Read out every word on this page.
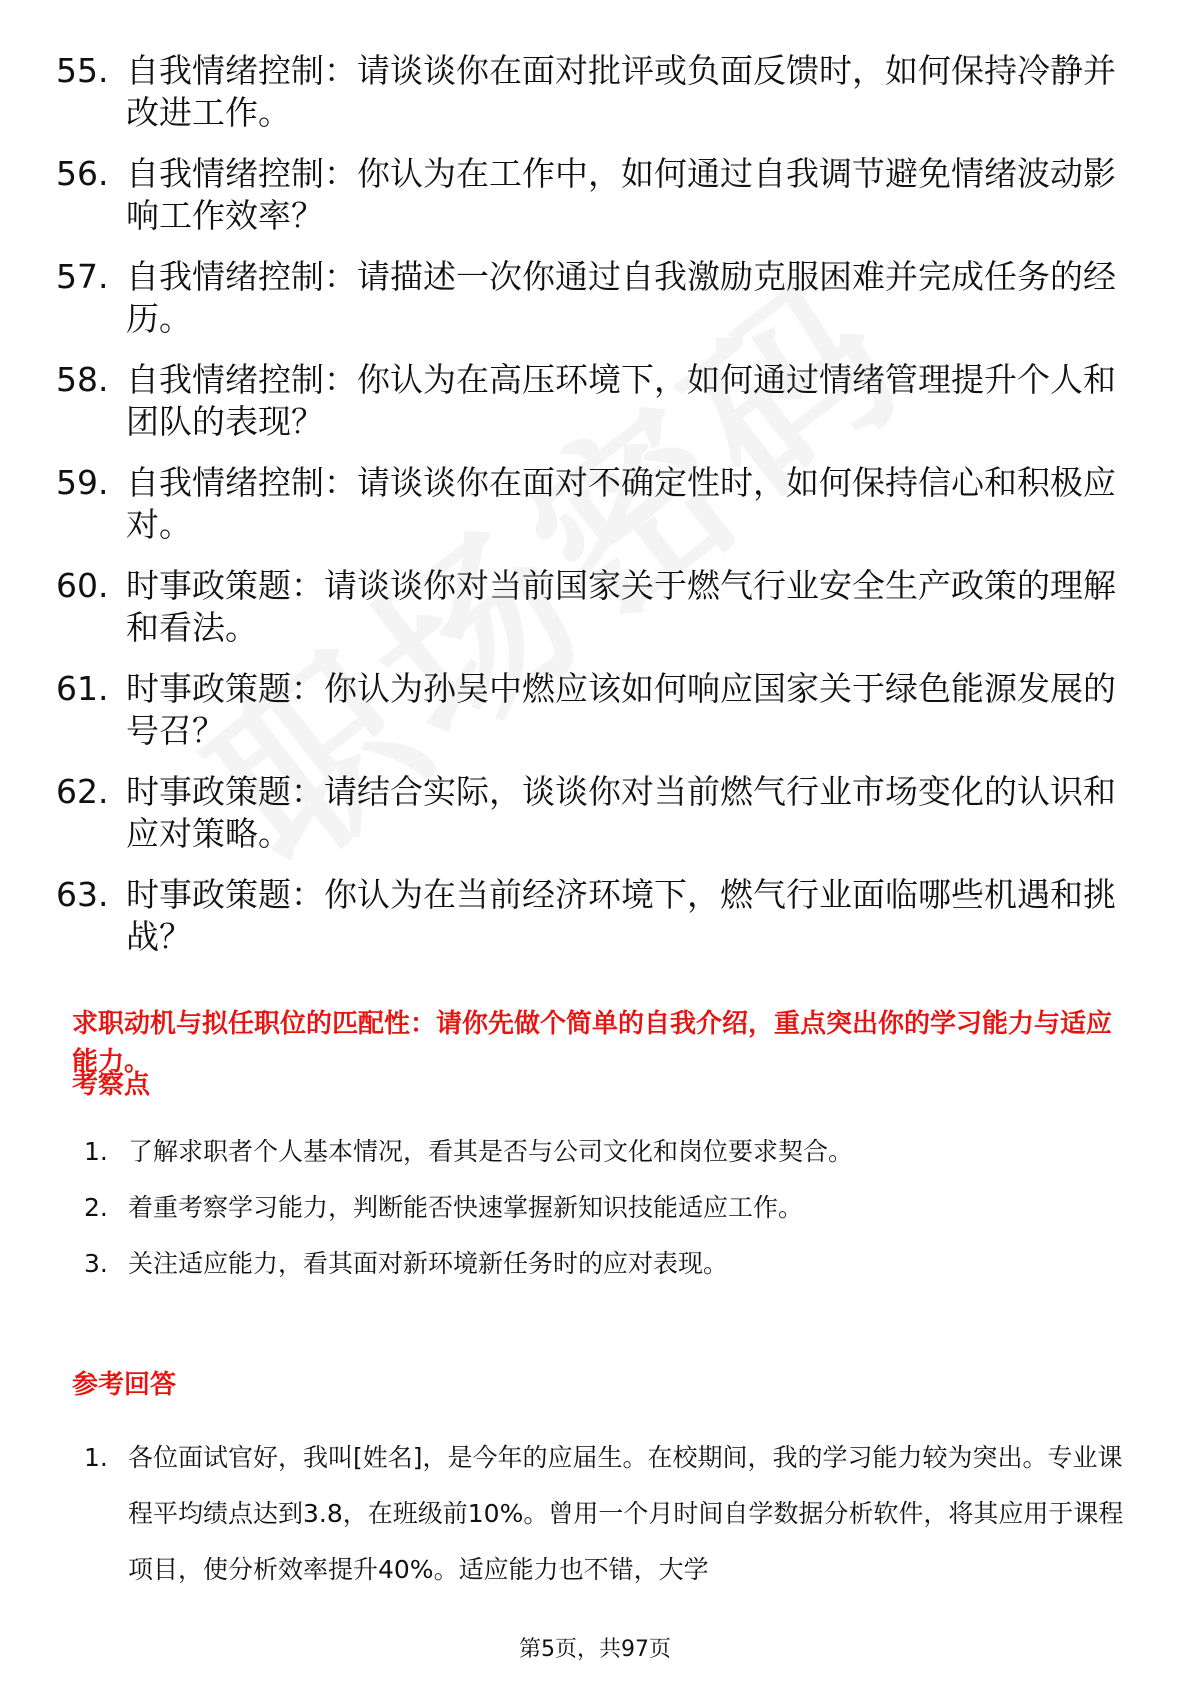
55. 自我情绪控制：请谈谈你在面对批评或负面反馈时，如何保持冷静并改进工作。
56. 自我情绪控制：你认为在工作中，如何通过自我调节避免情绪波动影响工作效率？
57. 自我情绪控制：请描述一次你通过自我激励克服困难并完成任务的经历。
58. 自我情绪控制：你认为在高压环境下，如何通过情绪管理提升个人和团队的表现？
59. 自我情绪控制：请谈谈你在面对不确定性时，如何保持信心和积极应对。
60. 时事政策题：请谈谈你对当前国家关于燃气行业安全生产政策的理解和看法。
61. 时事政策题：你认为孙吴中燃应该如何响应国家关于绿色能源发展的号召？
62. 时事政策题：请结合实际，谈谈你对当前燃气行业市场变化的认识和应对策略。
63. 时事政策题：你认为在当前经济环境下，燃气行业面临哪些机遇和挑战？
求职动机与拟任职位的匹配性：请你先做个简单的自我介绍，重点突出你的学习能力与适应能力。
考察点
1. 了解求职者个人基本情况，看其是否与公司文化和岗位要求契合。
2. 着重考察学习能力，判断能否快速掌握新知识技能适应工作。
3. 关注适应能力，看其面对新环境新任务时的应对表现。
参考回答
1. 各位面试官好，我叫[姓名]，是今年的应届生。在校期间，我的学习能力较为突出。专业课程平均绩点达到3.8，在班级前10%。曾用一个月时间自学数据分析软件，将其应用于课程项目，使分析效率提升40%。适应能力也不错，大学
第5页，共97页
